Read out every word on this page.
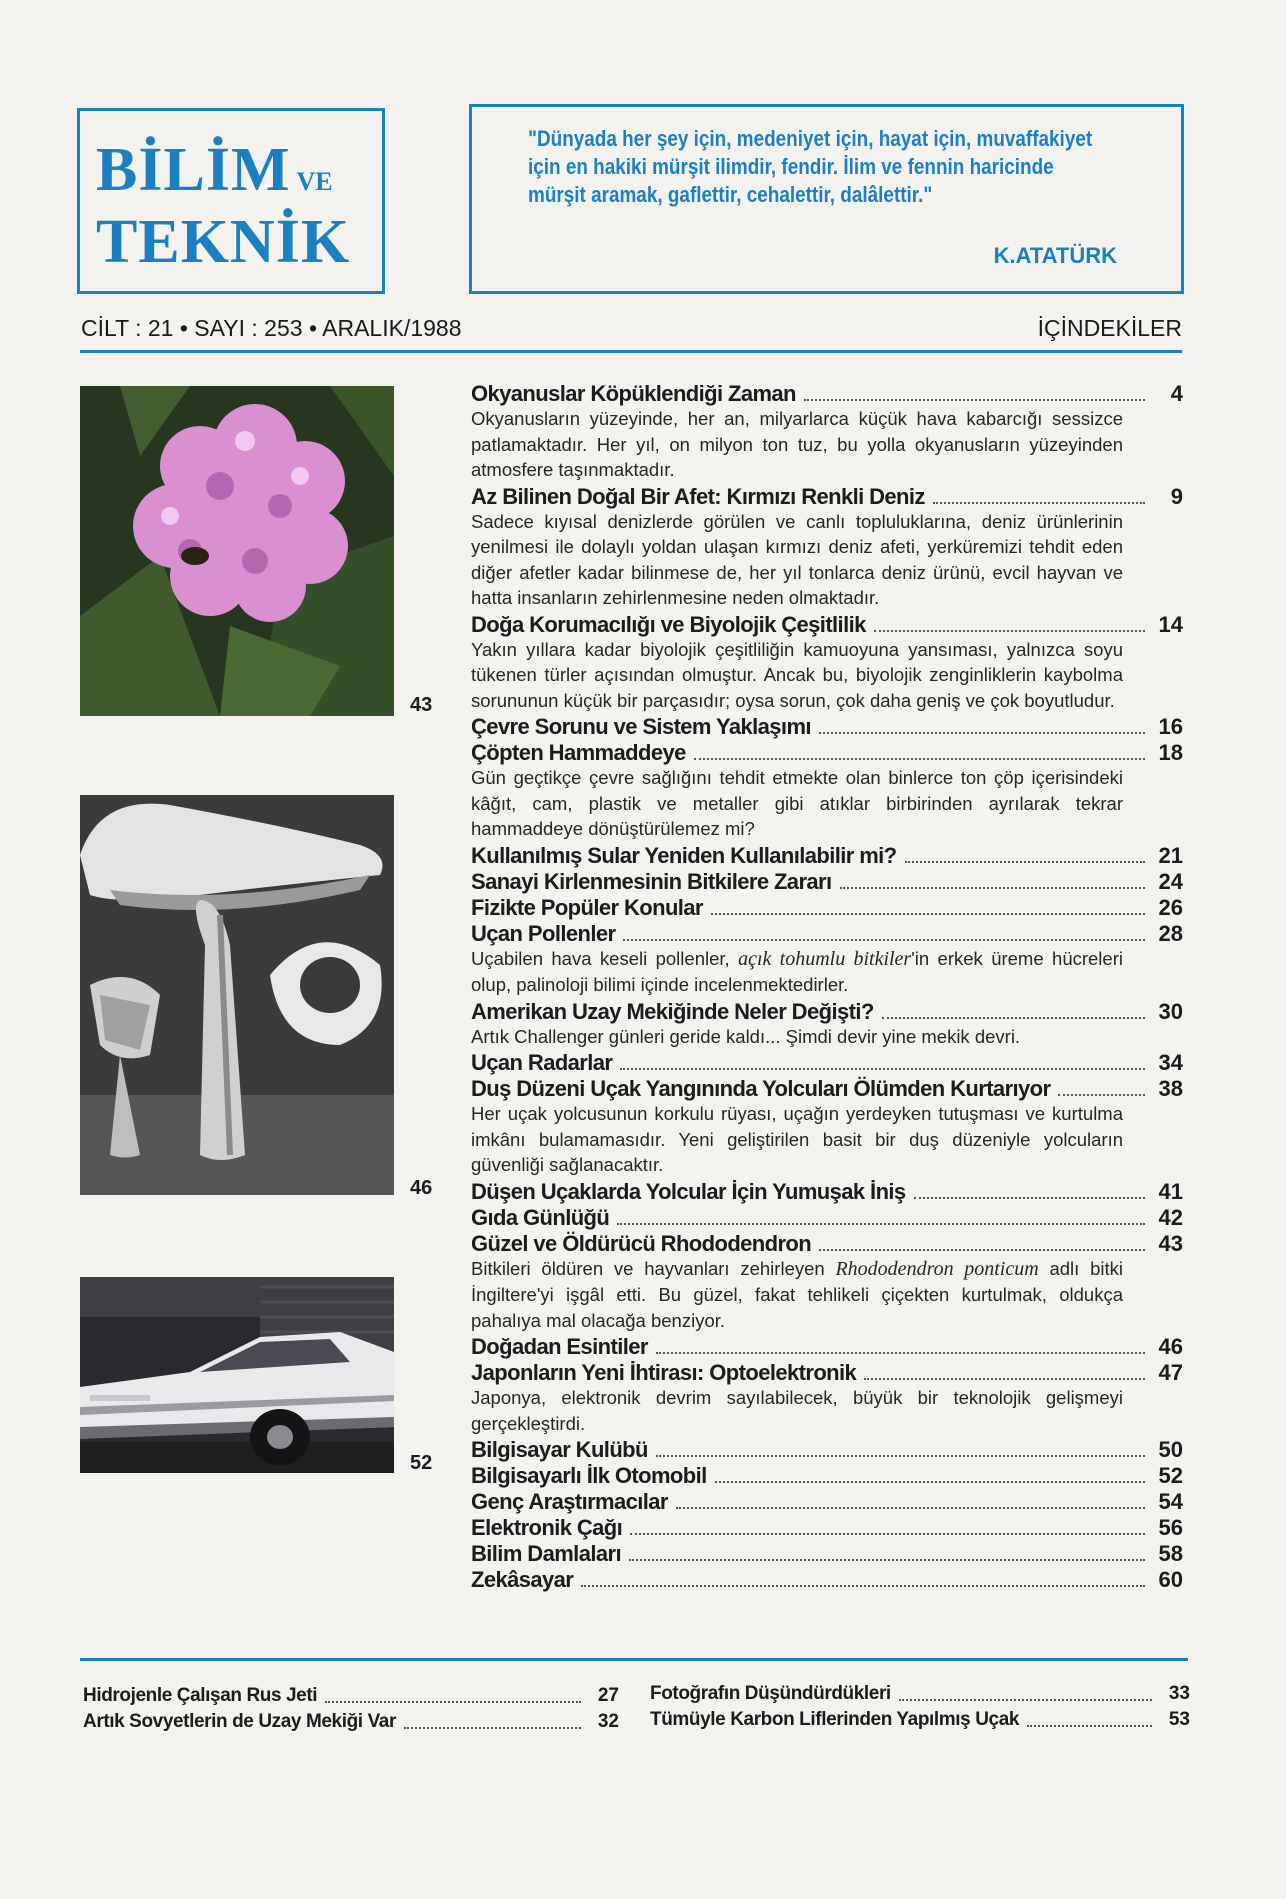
BİLİM VE
TEKNİK
"Dünyada her şey için, medeniyet için, hayat için, muvaffakiyet için en hakiki mürşit ilimdir, fendir. İlim ve fennin haricinde mürşit aramak, gaflettir, cehalettir, dalâlettir."
K.ATATÜRK
CİLT : 21 • SAYI : 253 • ARALIK/1988	İÇİNDEKİLER
43
46
52
Okyanuslar Köpüklendiği Zaman	4
Okyanusların yüzeyinde, her an, milyarlarca küçük hava kabarcığı sessizce patlamaktadır. Her yıl, on milyon ton tuz, bu yolla okyanusların yüzeyinden atmosfere taşınmaktadır.
Az Bilinen Doğal Bir Afet: Kırmızı Renkli Deniz	9
Sadece kıyısal denizlerde görülen ve canlı topluluklarına, deniz ürünlerinin yenilmesi ile dolaylı yoldan ulaşan kırmızı deniz afeti, yerküremizi tehdit eden diğer afetler kadar bilinmese de, her yıl tonlarca deniz ürünü, evcil hayvan ve hatta insanların zehirlenmesine neden olmaktadır.
Doğa Korumacılığı ve Biyolojik Çeşitlilik	14
Yakın yıllara kadar biyolojik çeşitliliğin kamuoyuna yansıması, yalnızca soyu tükenen türler açısından olmuştur. Ancak bu, biyolojik zenginliklerin kaybolma sorununun küçük bir parçasıdır; oysa sorun, çok daha geniş ve çok boyutludur.
Çevre Sorunu ve Sistem Yaklaşımı	16
Çöpten Hammaddeye	18
Gün geçtikçe çevre sağlığını tehdit etmekte olan binlerce ton çöp içerisindeki kâğıt, cam, plastik ve metaller gibi atıklar birbirinden ayrılarak tekrar hammaddeye dönüştürülemez mi?
Kullanılmış Sular Yeniden Kullanılabilir mi?	21
Sanayi Kirlenmesinin Bitkilere Zararı	24
Fizikte Popüler Konular	26
Uçan Pollenler	28
Uçabilen hava keseli pollenler, açık tohumlu bitkiler'in erkek üreme hücreleri olup, palinoloji bilimi içinde incelenmektedirler.
Amerikan Uzay Mekiğinde Neler Değişti?	30
Artık Challenger günleri geride kaldı... Şimdi devir yine mekik devri.
Uçan Radarlar	34
Duş Düzeni Uçak Yangınında Yolcuları Ölümden Kurtarıyor	38
Her uçak yolcusunun korkulu rüyası, uçağın yerdeyken tutuşması ve kurtulma imkânı bulamamasıdır. Yeni geliştirilen basit bir duş düzeniyle yolcuların güvenliği sağlanacaktır.
Düşen Uçaklarda Yolcular İçin Yumuşak İniş	41
Gıda Günlüğü	42
Güzel ve Öldürücü Rhododendron	43
Bitkileri öldüren ve hayvanları zehirleyen Rhododendron ponticum adlı bitki İngiltere'yi işgâl etti. Bu güzel, fakat tehlikeli çiçekten kurtulmak, oldukça pahalıya mal olacağa benziyor.
Doğadan Esintiler	46
Japonların Yeni İhtirası: Optoelektronik	47
Japonya, elektronik devrim sayılabilecek, büyük bir teknolojik gelişmeyi gerçekleştirdi.
Bilgisayar Kulübü	50
Bilgisayarlı İlk Otomobil	52
Genç Araştırmacılar	54
Elektronik Çağı	56
Bilim Damlaları	58
Zekâsayar	60
Hidrojenle Çalışan Rus Jeti	27
Artık Sovyetlerin de Uzay Mekiği Var	32
Fotoğrafın Düşündürdükleri	33
Tümüyle Karbon Liflerinden Yapılmış Uçak	53
